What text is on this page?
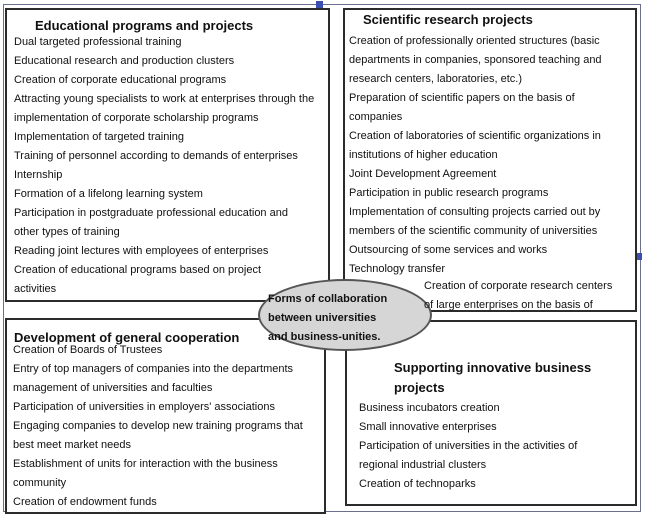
Educational programs and projects
Dual targeted professional training
Educational research and production clusters
Creation of corporate educational programs
Attracting young specialists to work at enterprises through the
implementation of corporate scholarship programs
Implementation of targeted training
Training of personnel according to demands of enterprises
Internship
Formation of a lifelong learning system
Participation in postgraduate professional education and
other types of training
Reading joint lectures with employees of enterprises
Creation of educational programs based on project
activities
Scientific research projects
Creation of professionally oriented structures (basic
departments in companies, sponsored teaching and
research centers, laboratories, etc.)
Preparation of scientific papers on the basis of
companies
Creation of laboratories of scientific organizations in
institutions of higher education
Joint Development Agreement
Participation in public research programs
Implementation of consulting projects carried out by
members of the scientific community of universities
Outsourcing of some services and works
Technology transfer
Development of general cooperation
Creation of Boards of Trustees
Entry of top managers of companies into the departments
management of universities and faculties
Participation of universities in employers' associations
Engaging companies to develop new training programs that
best meet market needs
Establishment of units for interaction with the business
community
Creation of endowment funds
Supporting innovative business
projects
Business incubators creation
Small innovative enterprises
Participation of universities in the activities of
regional industrial clusters
Creation of technoparks
Forms of collaboration
between universities
and business-unities.
Creation of corporate research centers
of large enterprises on the basis of
